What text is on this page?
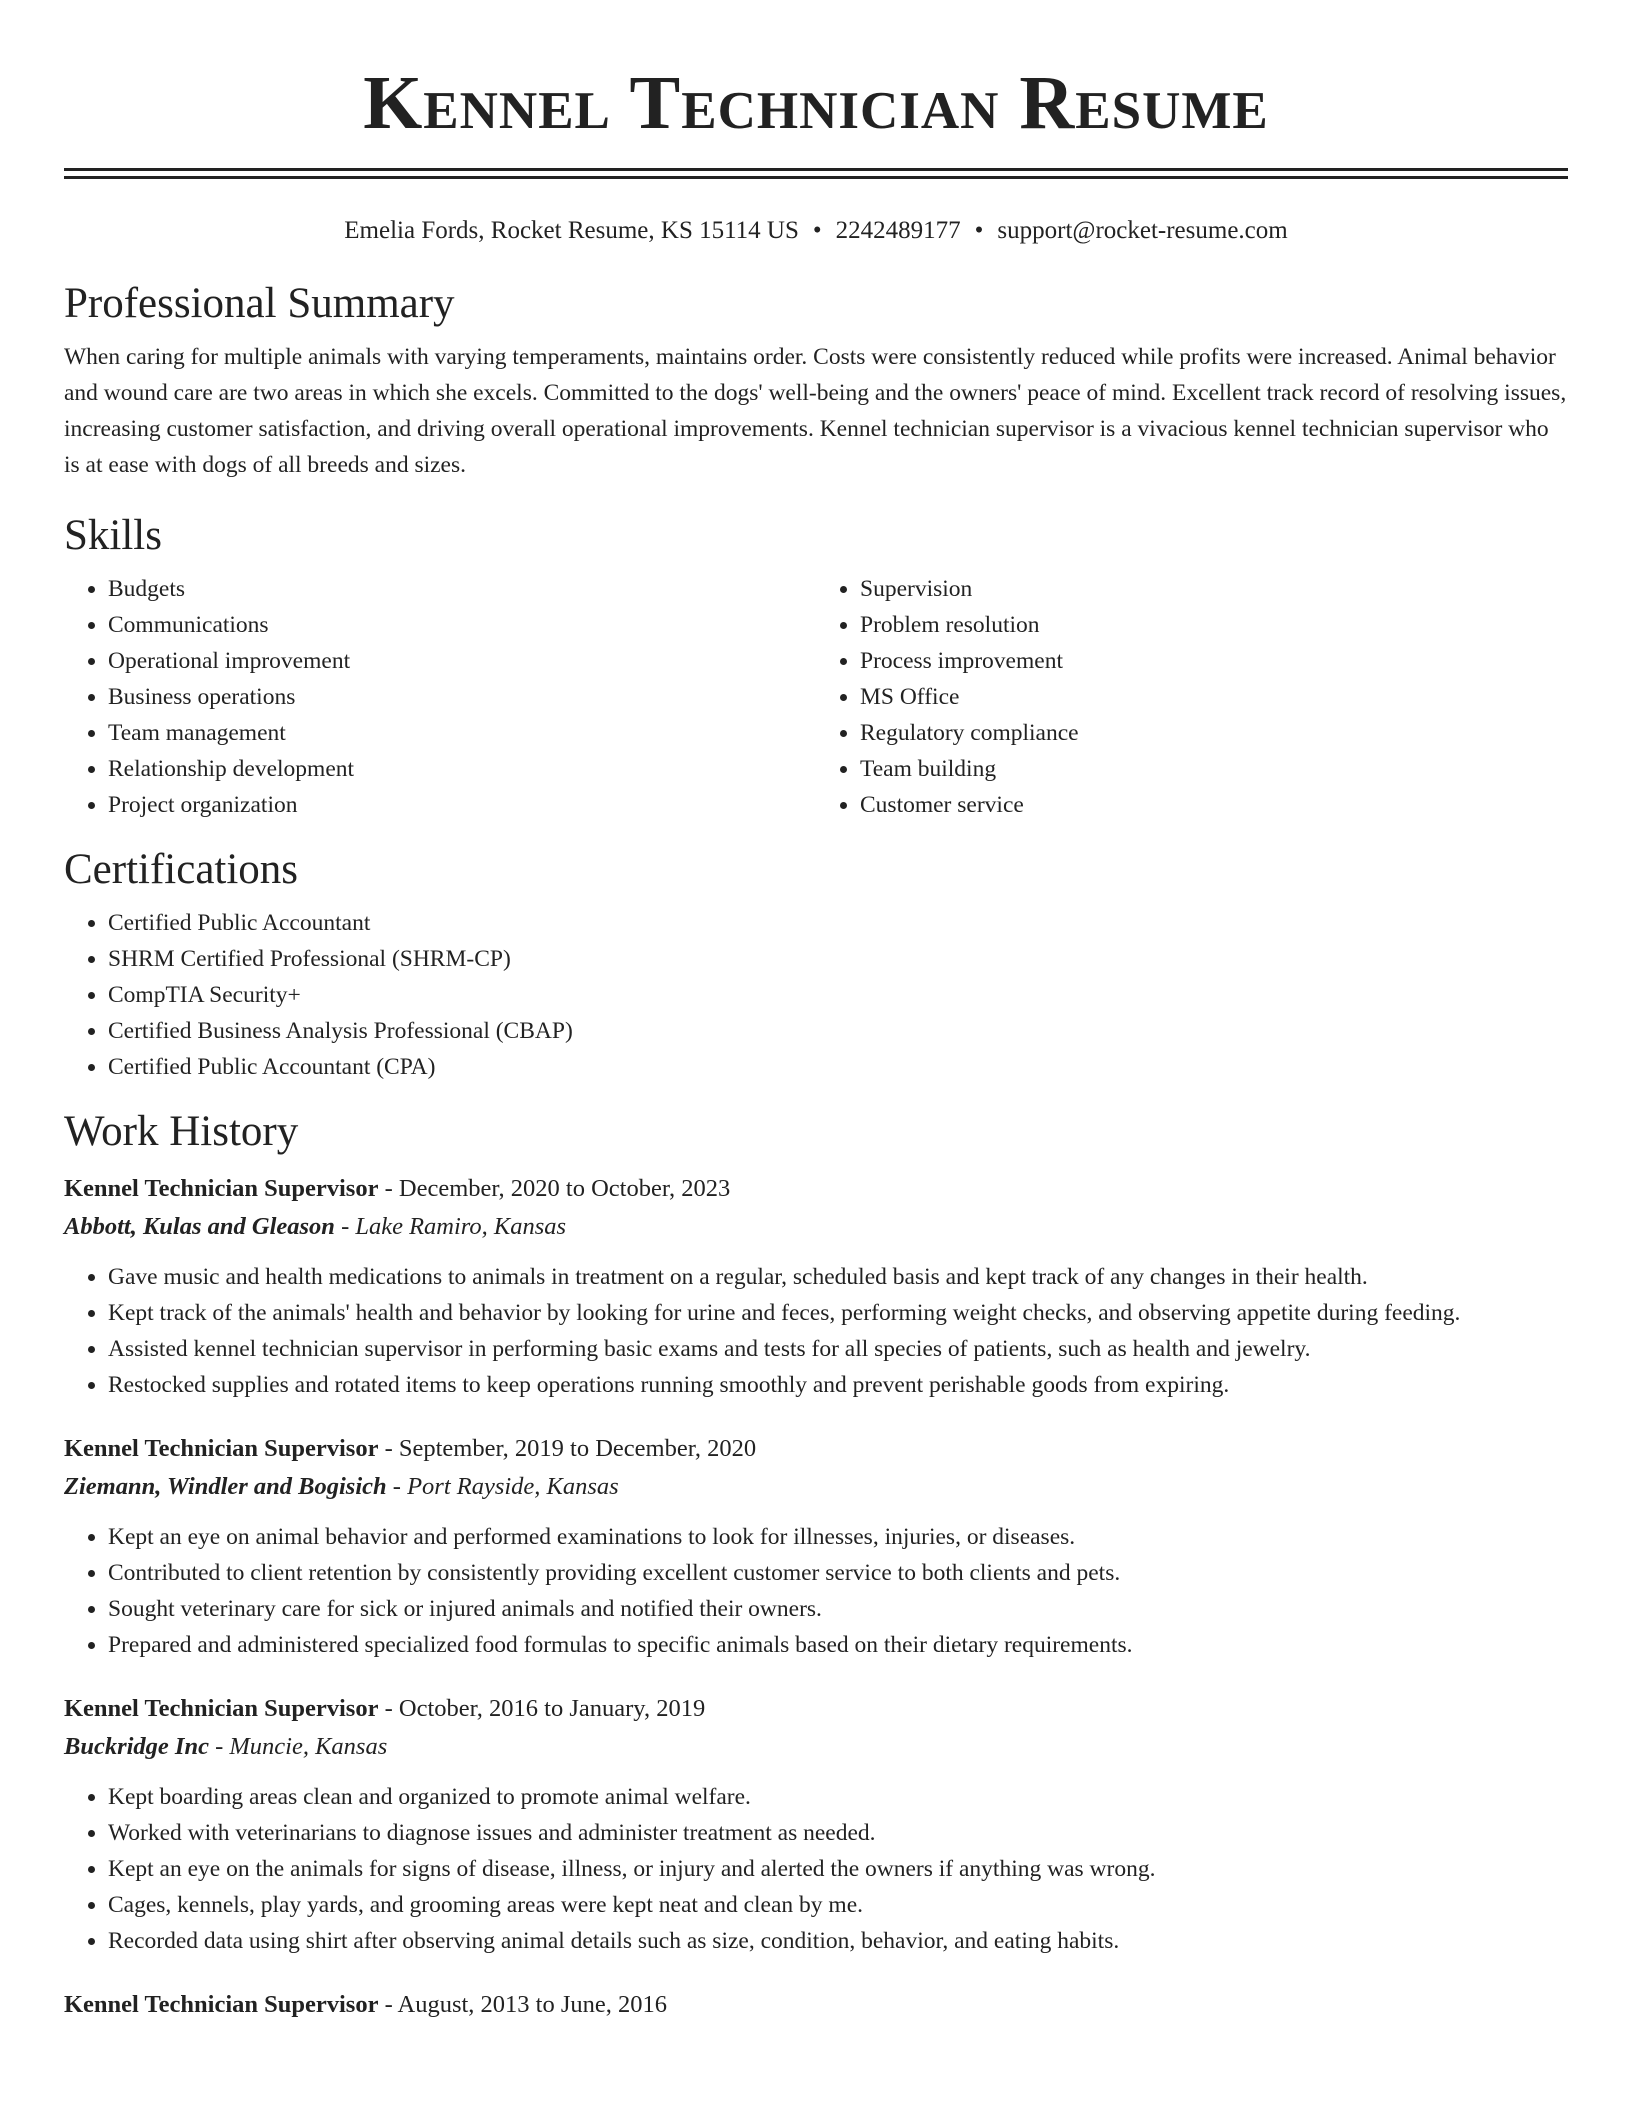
Kennel Technician Resume
Emelia Fords, Rocket Resume, KS 15114 US • 2242489177 • support@rocket-resume.com
Professional Summary

When caring for multiple animals with varying temperaments, maintains order. Costs were consistently reduced while profits were increased. Animal behavior and wound care are two areas in which she excels. Committed to the dogs' well-being and the owners' peace of mind. Excellent track record of resolving issues, increasing customer satisfaction, and driving overall operational improvements. Kennel technician supervisor is a vivacious kennel technician supervisor who is at ease with dogs of all breeds and sizes.

Skills
• Budgets
• Communications
• Operational improvement
• Business operations
• Team management
• Relationship development
• Project organization
• Supervision
• Problem resolution
• Process improvement
• MS Office
• Regulatory compliance
• Team building
• Customer service
Certifications
• Certified Public Accountant
• SHRM Certified Professional (SHRM-CP)
• CompTIA Security+
• Certified Business Analysis Professional (CBAP)
• Certified Public Accountant (CPA)
Work History
Kennel Technician Supervisor - December, 2020 to October, 2023
Abbott, Kulas and Gleason - Lake Ramiro, Kansas
• Gave music and health medications to animals in treatment on a regular, scheduled basis and kept track of any changes in their health.
• Kept track of the animals' health and behavior by looking for urine and feces, performing weight checks, and observing appetite during feeding.
• Assisted kennel technician supervisor in performing basic exams and tests for all species of patients, such as health and jewelry.
• Restocked supplies and rotated items to keep operations running smoothly and prevent perishable goods from expiring.
Kennel Technician Supervisor - September, 2019 to December, 2020
Ziemann, Windler and Bogisich - Port Rayside, Kansas
• Kept an eye on animal behavior and performed examinations to look for illnesses, injuries, or diseases.
• Contributed to client retention by consistently providing excellent customer service to both clients and pets.
• Sought veterinary care for sick or injured animals and notified their owners.
• Prepared and administered specialized food formulas to specific animals based on their dietary requirements.
Kennel Technician Supervisor - October, 2016 to January, 2019
Buckridge Inc - Muncie, Kansas
• Kept boarding areas clean and organized to promote animal welfare.
• Worked with veterinarians to diagnose issues and administer treatment as needed.
• Kept an eye on the animals for signs of disease, illness, or injury and alerted the owners if anything was wrong.
• Cages, kennels, play yards, and grooming areas were kept neat and clean by me.
• Recorded data using shirt after observing animal details such as size, condition, behavior, and eating habits.
Kennel Technician Supervisor - August, 2013 to June, 2016
